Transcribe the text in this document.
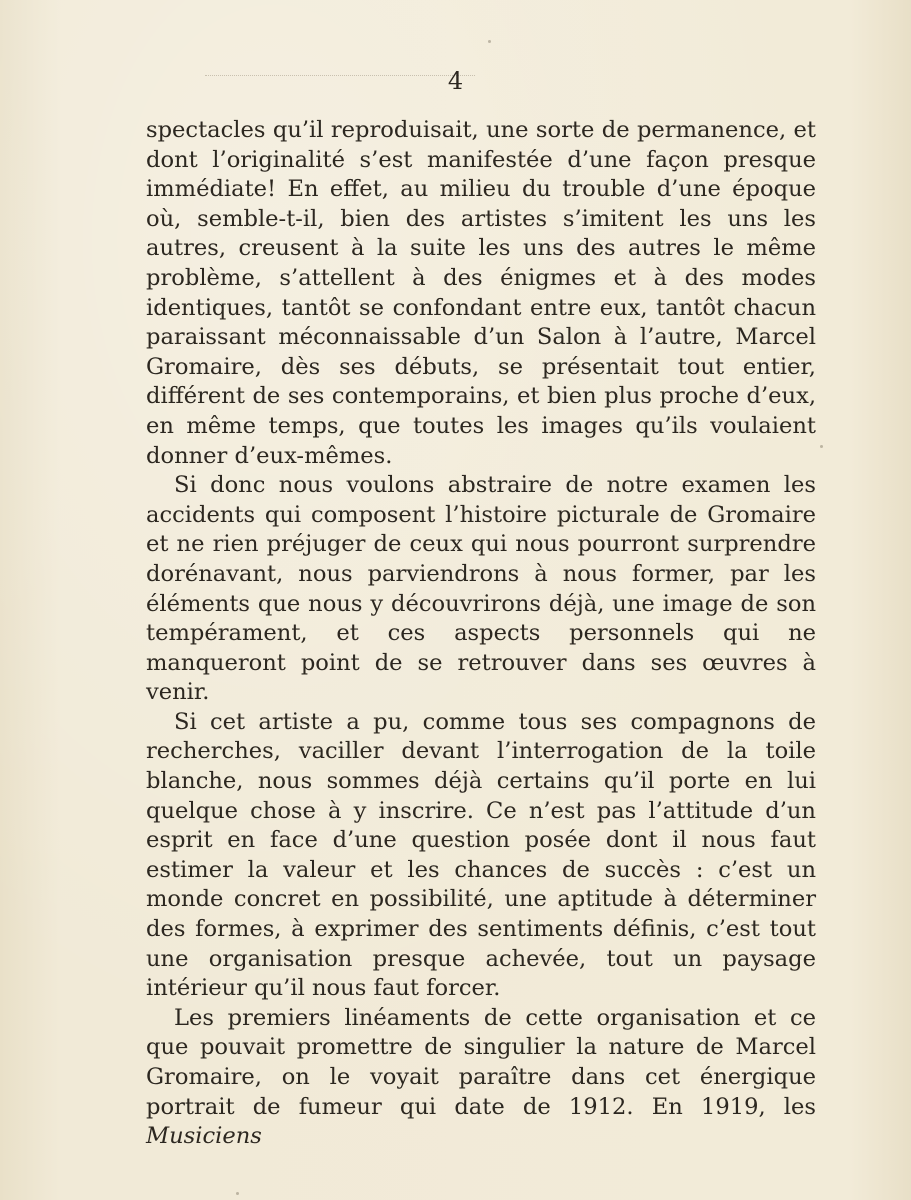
4

spectacles qu’il reproduisait, une sorte de permanence, et dont l’originalité s’est manifestée d’une façon presque immédiate! En effet, au milieu du trouble d’une époque où, semble-t-il, bien des artistes s’imitent les uns les autres, creusent à la suite les uns des autres le même problème, s’attellent à des énigmes et à des modes identiques, tantôt se confondant entre eux, tantôt chacun paraissant méconnaissable d’un Salon à l’autre, Marcel Gromaire, dès ses débuts, se présentait tout entier, différent de ses contemporains, et bien plus proche d’eux, en même temps, que toutes les images qu’ils voulaient donner d’eux-mêmes.

Si donc nous voulons abstraire de notre examen les accidents qui composent l’histoire picturale de Gromaire et ne rien préjuger de ceux qui nous pourront surprendre dorénavant, nous parviendrons à nous former, par les éléments que nous y découvrirons déjà, une image de son tempérament, et ces aspects personnels qui ne manqueront point de se retrouver dans ses œuvres à venir.

Si cet artiste a pu, comme tous ses compagnons de recherches, vaciller devant l’interrogation de la toile blanche, nous sommes déjà certains qu’il porte en lui quelque chose à y inscrire. Ce n’est pas l’attitude d’un esprit en face d’une question posée dont il nous faut estimer la valeur et les chances de succès : c’est un monde concret en possibilité, une aptitude à déterminer des formes, à exprimer des sentiments définis, c’est tout une organisation presque achevée, tout un paysage intérieur qu’il nous faut forcer.

Les premiers linéaments de cette organisation et ce que pouvait promettre de singulier la nature de Marcel Gromaire, on le voyait paraître dans cet énergique portrait de fumeur qui date de 1912. En 1919, les Musiciens
